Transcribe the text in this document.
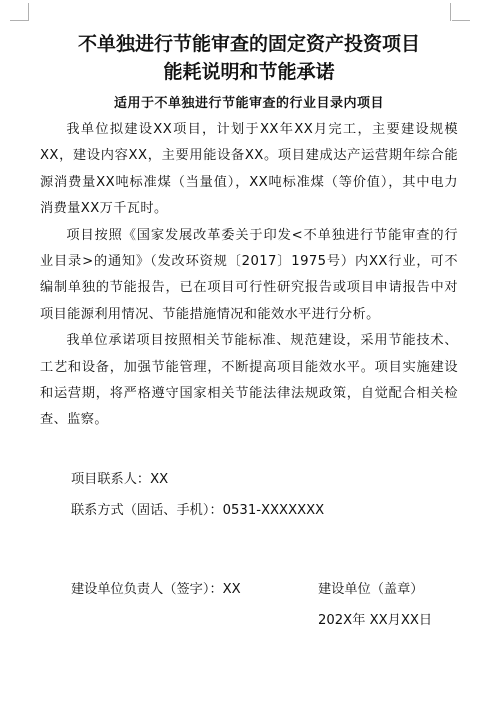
不单独进行节能审查的固定资产投资项目
能耗说明和节能承诺
适用于不单独进行节能审查的行业目录内项目

我单位拟建设XX项目，计划于XX年XX月完工，主要建设规模XX，建设内容XX，主要用能设备XX。项目建成达产运营期年综合能源消费量XX吨标准煤（当量值），XX吨标准煤（等价值），其中电力消费量XX万千瓦时。

项目按照《国家发展改革委关于印发<不单独进行节能审查的行业目录>的通知》（发改环资规〔2017〕1975号）内XX行业，可不编制单独的节能报告，已在项目可行性研究报告或项目申请报告中对项目能源利用情况、节能措施情况和能效水平进行分析。

我单位承诺项目按照相关节能标准、规范建设，采用节能技术、工艺和设备，加强节能管理，不断提高项目能效水平。项目实施建设和运营期，将严格遵守国家相关节能法律法规政策，自觉配合相关检查、监察。

项目联系人：XX
联系方式（固话、手机）：0531-XXXXXXX
建设单位负责人（签字）：XX	建设单位（盖章）
202X年 XX月XX日
